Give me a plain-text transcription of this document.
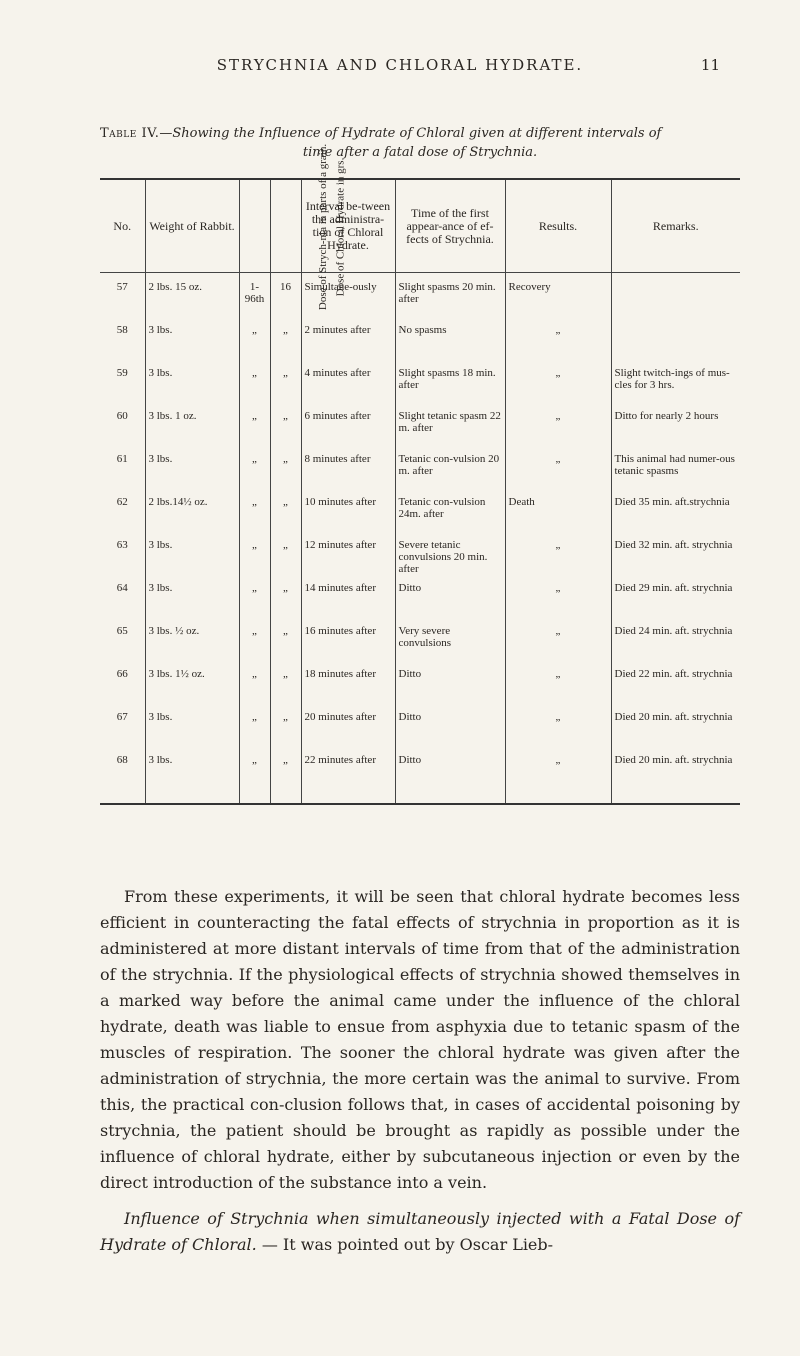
STRYCHNIA AND CHLORAL HYDRATE.	11
Table IV.—Showing the Influence of Hydrate of Chloral given at different intervals of
time after a fatal dose of Strychnia.
No.	Weight of Rabbit.	Dose of Strych-nia in parts of a grain.	Dose of Chloral Hydrate in grs.	Interval be-tween the administra-tion of Chloral Hydrate.	Time of the first appear-ance of ef-fects of Strychnia.	Results.	Remarks.
57	2 lbs. 15 oz.	1-96th	16	Simultane-ously	Slight spasms 20 min. after	Recovery	
58	3 lbs.	„	„	2 minutes after	No spasms	„	
59	3 lbs.	„	„	4 minutes after	Slight spasms 18 min. after	„	Slight twitch-ings of mus-cles for 3 hrs.
60	3 lbs. 1 oz.	„	„	6 minutes after	Slight tetanic spasm 22 m. after	„	Ditto for nearly 2 hours
61	3 lbs.	„	„	8 minutes after	Tetanic con-vulsion 20 m. after	„	This animal had numer-ous tetanic spasms
62	2 lbs.14½ oz.	„	„	10 minutes after	Tetanic con-vulsion 24m. after	Death	Died 35 min. aft.strychnia
63	3 lbs.	„	„	12 minutes after	Severe tetanic convulsions 20 min. after	„	Died 32 min. aft. strychnia
64	3 lbs.	„	„	14 minutes after	Ditto	„	Died 29 min. aft. strychnia
65	3 lbs. ½ oz.	„	„	16 minutes after	Very severe convulsions	„	Died 24 min. aft. strychnia
66	3 lbs. 1½ oz.	„	„	18 minutes after	Ditto	„	Died 22 min. aft. strychnia
67	3 lbs.	„	„	20 minutes after	Ditto	„	Died 20 min. aft. strychnia
68	3 lbs.	„	„	22 minutes after	Ditto	„	Died 20 min. aft. strychnia

From these experiments, it will be seen that chloral hydrate becomes less efficient in counteracting the fatal effects of strychnia in proportion as it is administered at more distant intervals of time from that of the administration of the strychnia. If the physiological effects of strychnia showed themselves in a marked way before the animal came under the influence of the chloral hydrate, death was liable to ensue from asphyxia due to tetanic spasm of the muscles of respiration. The sooner the chloral hydrate was given after the administration of strychnia, the more certain was the animal to survive. From this, the practical con-clusion follows that, in cases of accidental poisoning by strychnia, the patient should be brought as rapidly as possible under the influence of chloral hydrate, either by subcutaneous injection or even by the direct introduction of the substance into a vein.

Influence of Strychnia when simultaneously injected with a Fatal Dose of Hydrate of Chloral. — It was pointed out by Oscar Lieb-
